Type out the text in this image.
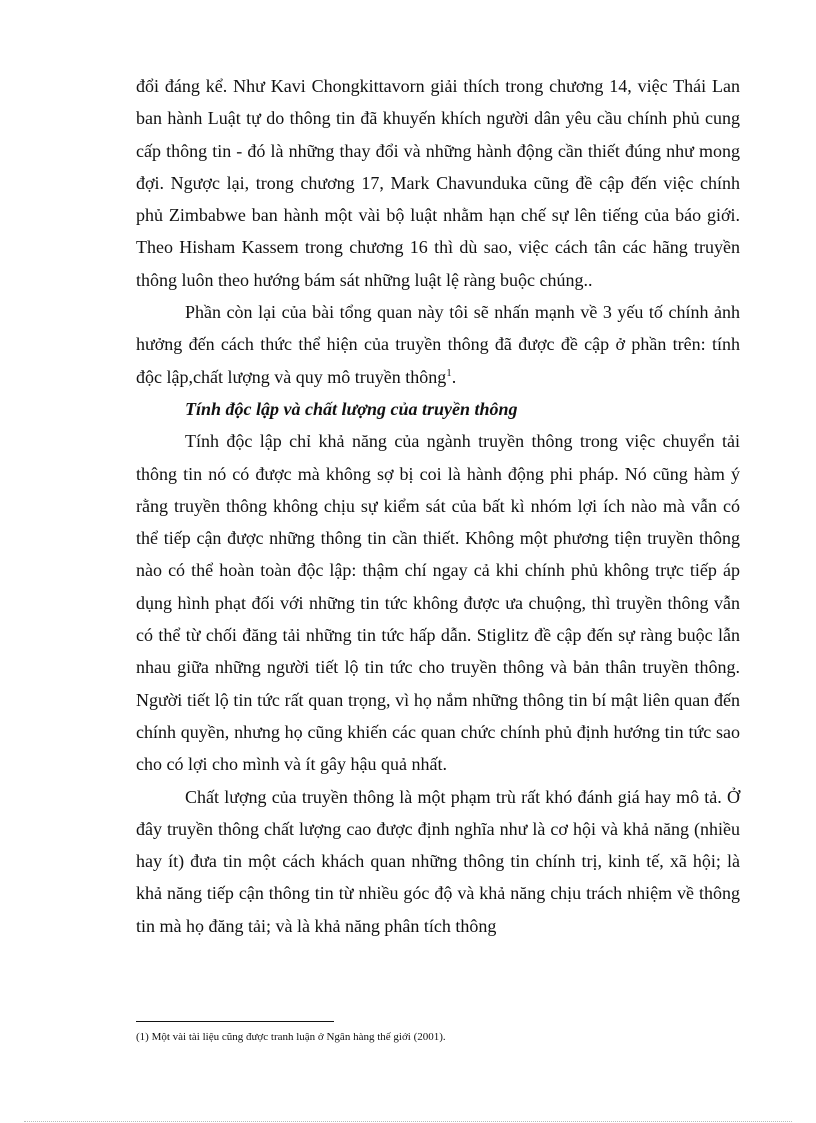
đổi đáng kể. Như Kavi Chongkittavorn giải thích trong chương 14, việc Thái Lan ban hành Luật tự do thông tin đã khuyến khích người dân yêu cầu chính phủ cung cấp thông tin - đó là những thay đổi và những hành động cần thiết đúng như mong đợi. Ngược lại, trong chương 17, Mark Chavunduka cũng đề cập đến việc chính phủ Zimbabwe ban hành một vài bộ luật nhằm hạn chế sự lên tiếng của báo giới. Theo Hisham Kassem trong chương 16 thì dù sao, việc cách tân các hãng truyền thông luôn theo hướng bám sát những luật lệ ràng buộc chúng..

Phần còn lại của bài tổng quan này tôi sẽ nhấn mạnh về 3 yếu tố chính ảnh hưởng đến cách thức thể hiện của truyền thông đã được đề cập ở phần trên: tính độc lập,chất lượng và quy mô truyền thông$^1$.

Tính độc lập và chất lượng của truyền thông

Tính độc lập chỉ khả năng của ngành truyền thông trong việc chuyển tải thông tin nó có được mà không sợ bị coi là hành động phi pháp. Nó cũng hàm ý rằng truyền thông không chịu sự kiểm sát của bất kì nhóm lợi ích nào mà vẫn có thể tiếp cận được những thông tin cần thiết. Không một phương tiện truyền thông nào có thể hoàn toàn độc lập: thậm chí ngay cả khi chính phủ không trực tiếp áp dụng hình phạt đối với những tin tức không được ưa chuộng, thì truyền thông vẫn có thể từ chối đăng tải những tin tức hấp dẫn. Stiglitz đề cập đến sự ràng buộc lẫn nhau giữa những người tiết lộ tin tức cho truyền thông và bản thân truyền thông. Người tiết lộ tin tức rất quan trọng, vì họ nắm những thông tin bí mật liên quan đến chính quyền, nhưng họ cũng khiến các quan chức chính phủ định hướng tin tức sao cho có lợi cho mình và ít gây hậu quả nhất.

Chất lượng của truyền thông là một phạm trù rất khó đánh giá hay mô tả. Ở đây truyền thông chất lượng cao được định nghĩa như là cơ hội và khả năng (nhiều hay ít) đưa tin một cách khách quan những thông tin chính trị, kinh tế, xã hội; là khả năng tiếp cận thông tin từ nhiều góc độ và khả năng chịu trách nhiệm về thông tin mà họ đăng tải; và là khả năng phân tích thông

(1) Một vài tài liệu cũng được tranh luận ở Ngân hàng thế giới (2001).
